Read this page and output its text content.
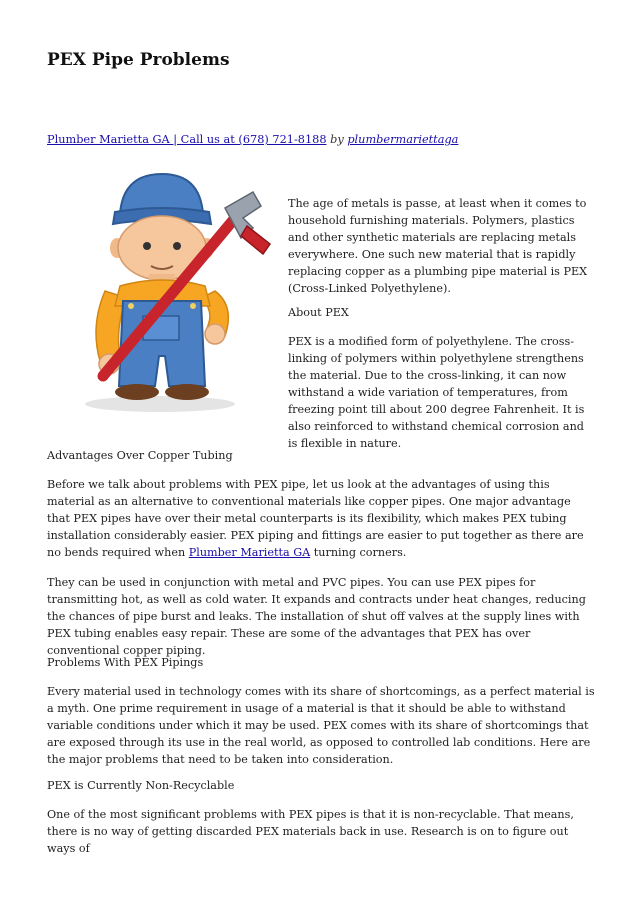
PEX Pipe Problems
Plumber Marietta GA | Call us at (678) 721-8188 by plumbermariettaga

The age of metals is passe, at least when it comes to household furnishing materials. Polymers, plastics and other synthetic materials are replacing metals everywhere. One such new material that is rapidly replacing copper as a plumbing pipe material is PEX (Cross-Linked Polyethylene).

About PEX

PEX is a modified form of polyethylene. The cross-linking of polymers within polyethylene strengthens the material. Due to the cross-linking, it can now withstand a wide variation of temperatures, from freezing point till about 200 degree Fahrenheit. It is also reinforced to withstand chemical corrosion and is flexible in nature.

Advantages Over Copper Tubing

Before we talk about problems with PEX pipe, let us look at the advantages of using this material as an alternative to conventional materials like copper pipes. One major advantage that PEX pipes have over their metal counterparts is its flexibility, which makes PEX tubing installation considerably easier. PEX piping and fittings are easier to put together as there are no bends required when Plumber Marietta GA turning corners.

They can be used in conjunction with metal and PVC pipes. You can use PEX pipes for transmitting hot, as well as cold water. It expands and contracts under heat changes, reducing the chances of pipe burst and leaks. The installation of shut off valves at the supply lines with PEX tubing enables easy repair. These are some of the advantages that PEX has over conventional copper piping.

Problems With PEX Pipings

Every material used in technology comes with its share of shortcomings, as a perfect material is a myth. One prime requirement in usage of a material is that it should be able to withstand variable conditions under which it may be used. PEX comes with its share of shortcomings that are exposed through its use in the real world, as opposed to controlled lab conditions. Here are the major problems that need to be taken into consideration.

PEX is Currently Non-Recyclable

One of the most significant problems with PEX pipes is that it is non-recyclable. That means, there is no way of getting discarded PEX materials back in use. Research is on to figure out ways of
